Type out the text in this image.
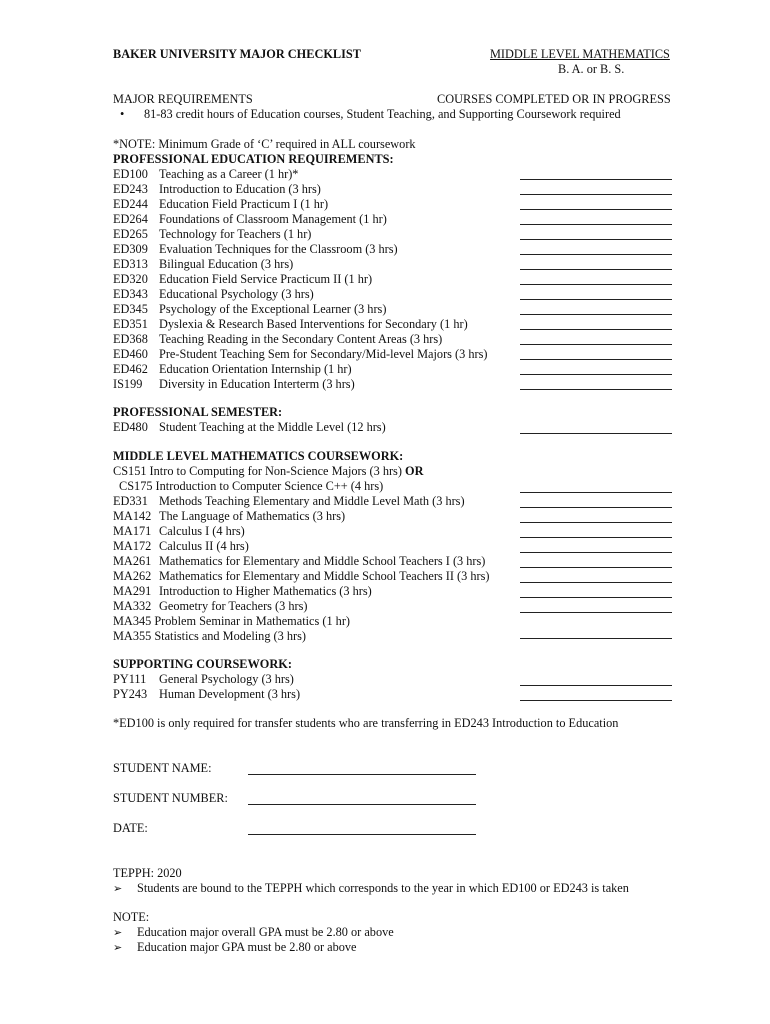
BAKER UNIVERSITY MAJOR CHECKLIST	MIDDLE LEVEL MATHEMATICS
B. A. or B. S.
MAJOR REQUIREMENTS	COURSES COMPLETED OR IN PROGRESS
• 81-83 credit hours of Education courses, Student Teaching, and Supporting Coursework required
*NOTE: Minimum Grade of ‘C’ required in ALL coursework
PROFESSIONAL EDUCATION REQUIREMENTS:
ED100 Teaching as a Career (1 hr)*
ED243 Introduction to Education (3 hrs)
ED244 Education Field Practicum I (1 hr)
ED264 Foundations of Classroom Management (1 hr)
ED265 Technology for Teachers (1 hr)
ED309 Evaluation Techniques for the Classroom (3 hrs)
ED313 Bilingual Education (3 hrs)
ED320 Education Field Service Practicum II (1 hr)
ED343 Educational Psychology (3 hrs)
ED345 Psychology of the Exceptional Learner (3 hrs)
ED351 Dyslexia & Research Based Interventions for Secondary (1 hr)
ED368 Teaching Reading in the Secondary Content Areas (3 hrs)
ED460 Pre-Student Teaching Sem for Secondary/Mid-level Majors (3 hrs)
ED462 Education Orientation Internship (1 hr)
IS199 Diversity in Education Interterm (3 hrs)
PROFESSIONAL SEMESTER:
ED480 Student Teaching at the Middle Level (12 hrs)
MIDDLE LEVEL MATHEMATICS COURSEWORK:
CS151 Intro to Computing for Non-Science Majors (3 hrs) OR
CS175 Introduction to Computer Science C++ (4 hrs)
ED331 Methods Teaching Elementary and Middle Level Math (3 hrs)
MA142 The Language of Mathematics (3 hrs)
MA171 Calculus I (4 hrs)
MA172 Calculus II (4 hrs)
MA261 Mathematics for Elementary and Middle School Teachers I (3 hrs)
MA262 Mathematics for Elementary and Middle School Teachers II (3 hrs)
MA291 Introduction to Higher Mathematics (3 hrs)
MA332 Geometry for Teachers (3 hrs)
MA345 Problem Seminar in Mathematics (1 hr)
MA355 Statistics and Modeling (3 hrs)
SUPPORTING COURSEWORK:
PY111 General Psychology (3 hrs)
PY243 Human Development (3 hrs)
*ED100 is only required for transfer students who are transferring in ED243 Introduction to Education
STUDENT NAME:
STUDENT NUMBER:
DATE:
TEPPH: 2020
➢ Students are bound to the TEPPH which corresponds to the year in which ED100 or ED243 is taken
NOTE:
➢ Education major overall GPA must be 2.80 or above
➢ Education major GPA must be 2.80 or above
